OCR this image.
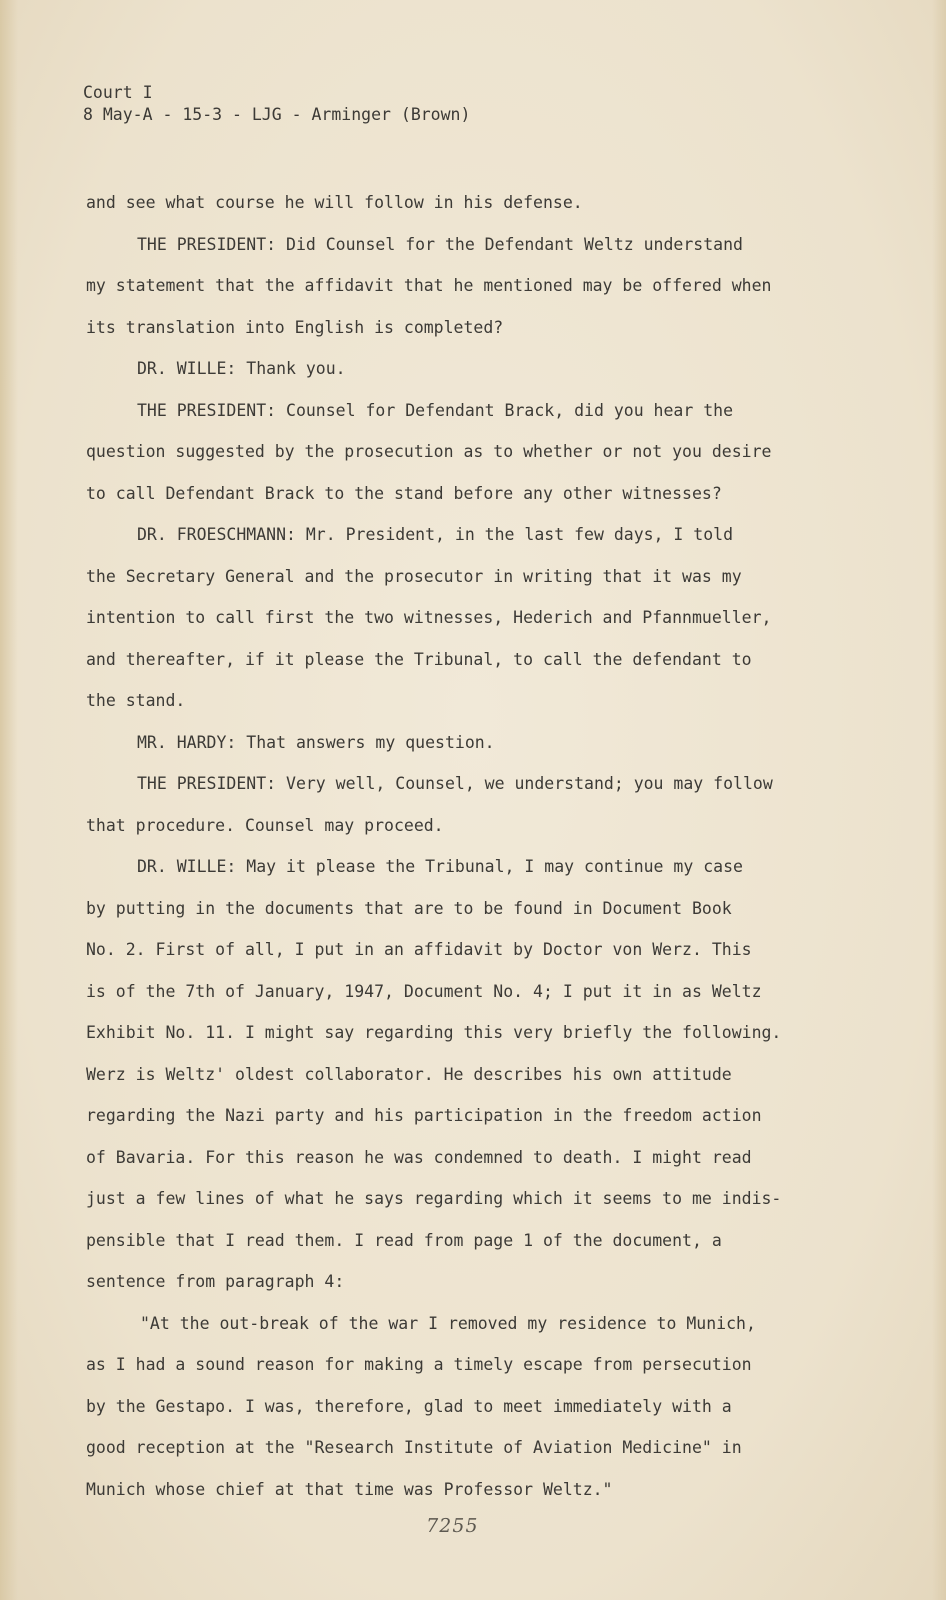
Court I
8 May-A - 15-3 - LJG - Arminger (Brown)
and see what course he will follow in his defense.
THE PRESIDENT: Did Counsel for the Defendant Weltz understand
my statement that the affidavit that he mentioned may be offered when
its translation into English is completed?
DR. WILLE: Thank you.
THE PRESIDENT: Counsel for Defendant Brack, did you hear the
question suggested by the prosecution as to whether or not you desire
to call Defendant Brack to the stand before any other witnesses?
DR. FROESCHMANN: Mr. President, in the last few days, I told
the Secretary General and the prosecutor in writing that it was my
intention to call first the two witnesses, Hederich and Pfannmueller,
and thereafter, if it please the Tribunal, to call the defendant to
the stand.
MR. HARDY: That answers my question.
THE PRESIDENT: Very well, Counsel, we understand; you may follow
that procedure. Counsel may proceed.
DR. WILLE: May it please the Tribunal, I may continue my case
by putting in the documents that are to be found in Document Book
No. 2. First of all, I put in an affidavit by Doctor von Werz. This
is of the 7th of January, 1947, Document No. 4; I put it in as Weltz
Exhibit No. 11. I might say regarding this very briefly the following.
Werz is Weltz' oldest collaborator. He describes his own attitude
regarding the Nazi party and his participation in the freedom action
of Bavaria. For this reason he was condemned to death. I might read
just a few lines of what he says regarding which it seems to me indis-
pensible that I read them. I read from page 1 of the document, a
sentence from paragraph 4:
"At the out-break of the war I removed my residence to Munich,
as I had a sound reason for making a timely escape from persecution
by the Gestapo. I was, therefore, glad to meet immediately with a
good reception at the "Research Institute of Aviation Medicine" in
Munich whose chief at that time was Professor Weltz."
7255
